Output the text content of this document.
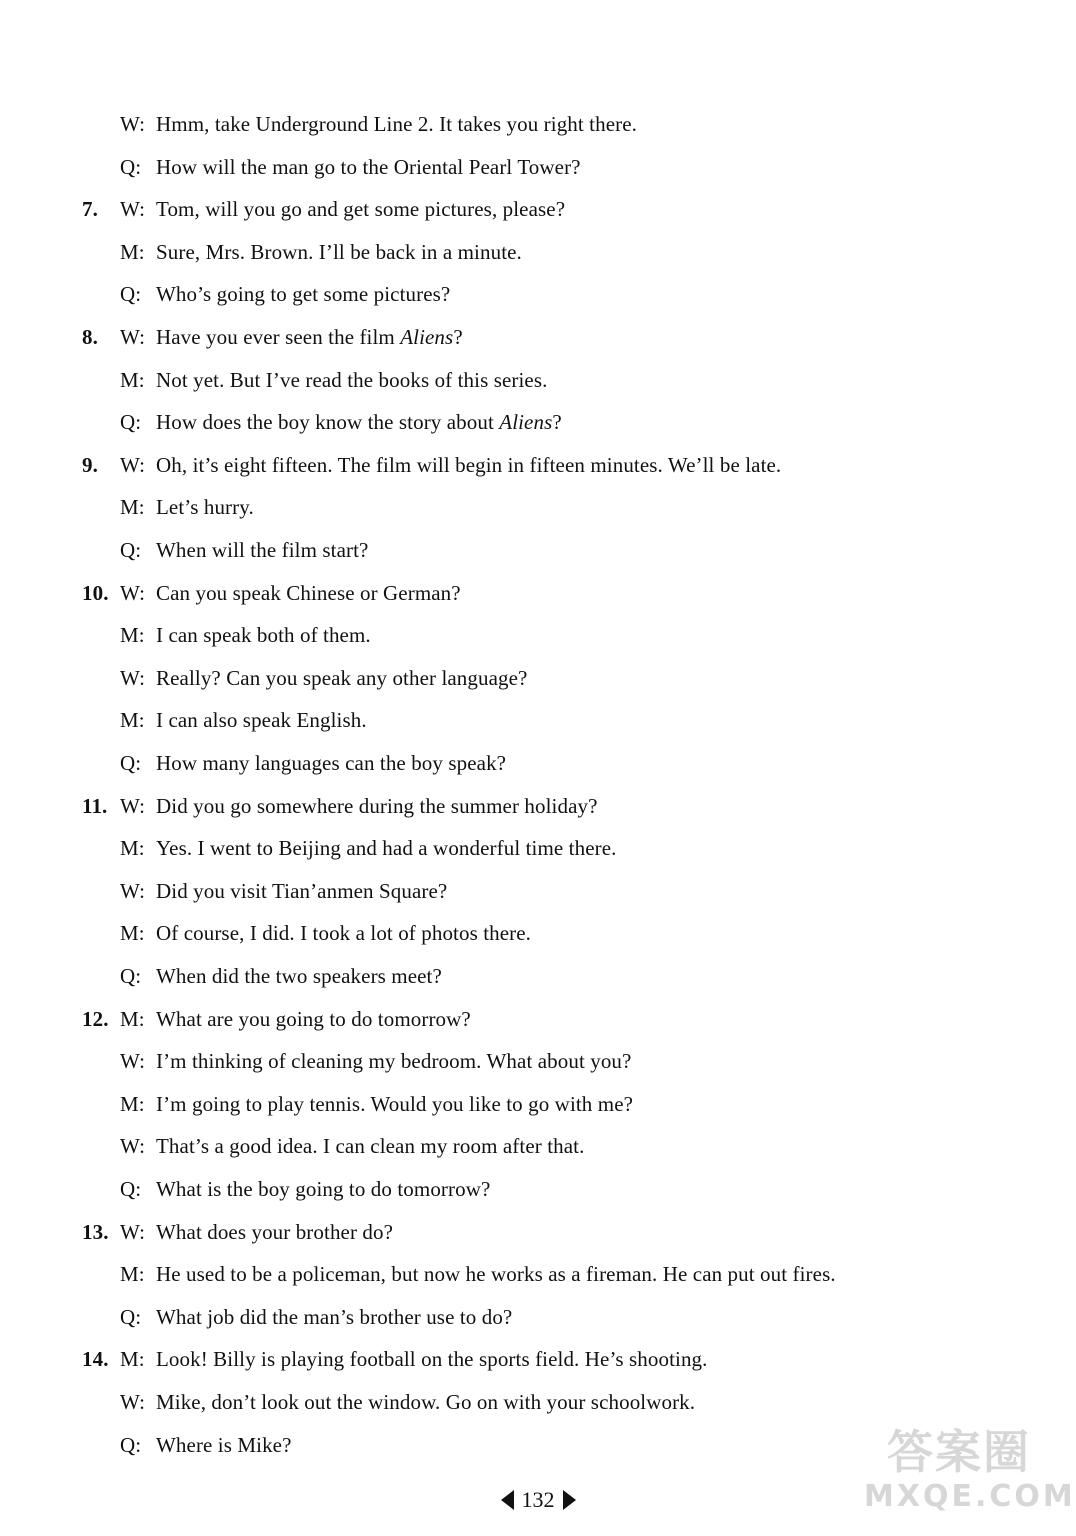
W: Hmm, take Underground Line 2. It takes you right there.
Q: How will the man go to the Oriental Pearl Tower?
7. W: Tom, will you go and get some pictures, please?
M: Sure, Mrs. Brown. I’ll be back in a minute.
Q: Who’s going to get some pictures?
8. W: Have you ever seen the film Aliens?
M: Not yet. But I’ve read the books of this series.
Q: How does the boy know the story about Aliens?
9. W: Oh, it’s eight fifteen. The film will begin in fifteen minutes. We’ll be late.
M: Let’s hurry.
Q: When will the film start?
10. W: Can you speak Chinese or German?
M: I can speak both of them.
W: Really? Can you speak any other language?
M: I can also speak English.
Q: How many languages can the boy speak?
11. W: Did you go somewhere during the summer holiday?
M: Yes. I went to Beijing and had a wonderful time there.
W: Did you visit Tian’anmen Square?
M: Of course, I did. I took a lot of photos there.
Q: When did the two speakers meet?
12. M: What are you going to do tomorrow?
W: I’m thinking of cleaning my bedroom. What about you?
M: I’m going to play tennis. Would you like to go with me?
W: That’s a good idea. I can clean my room after that.
Q: What is the boy going to do tomorrow?
13. W: What does your brother do?
M: He used to be a policeman, but now he works as a fireman. He can put out fires.
Q: What job did the man’s brother use to do?
14. M: Look! Billy is playing football on the sports field. He’s shooting.
W: Mike, don’t look out the window. Go on with your schoolwork.
Q: Where is Mike?
132
答案圈
MXQE.COM
